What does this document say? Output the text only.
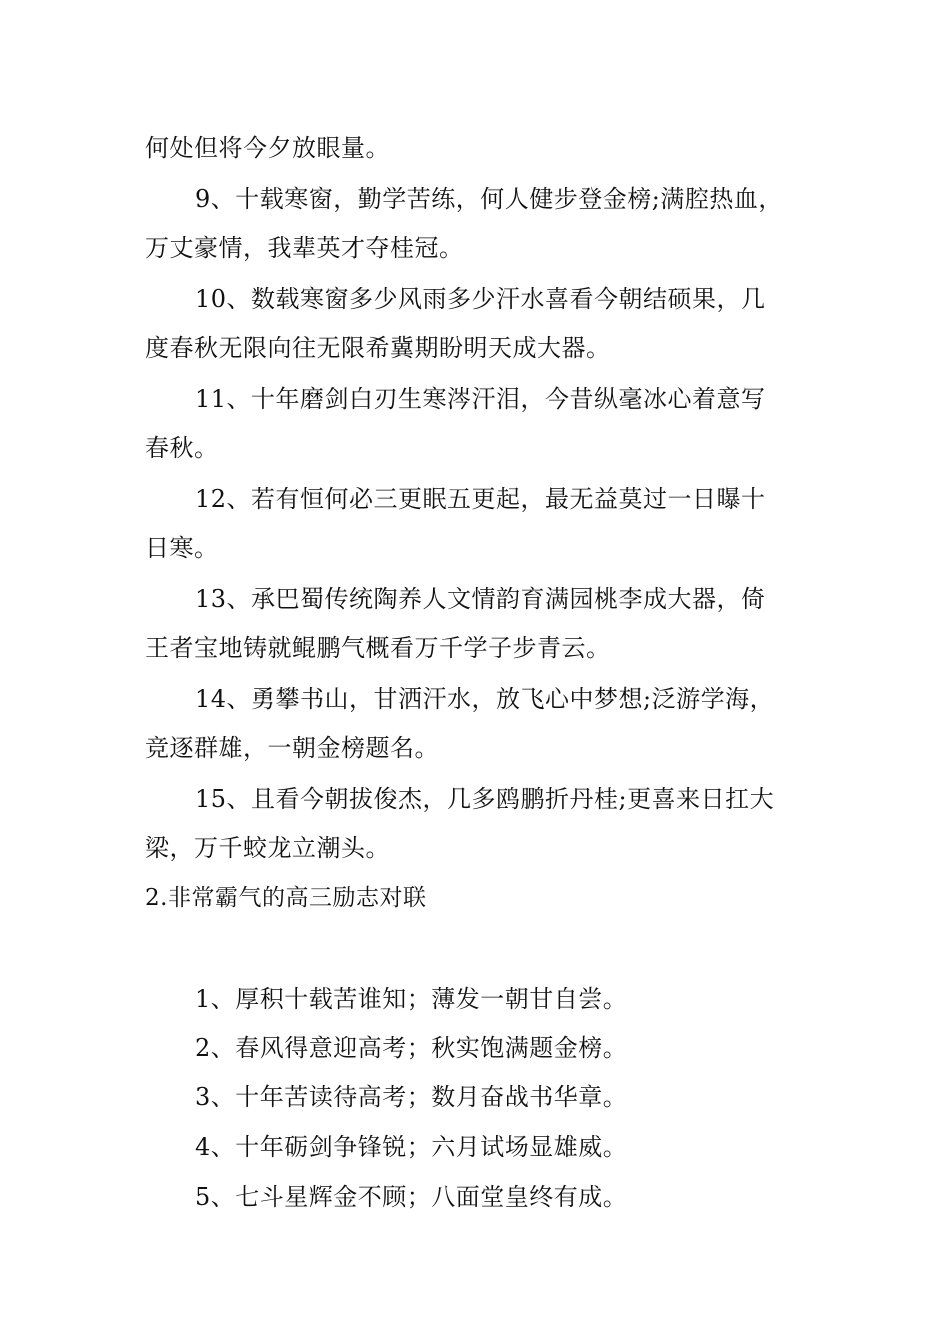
何处但将今夕放眼量。
9、十载寒窗，勤学苦练，何人健步登金榜;满腔热血，
万丈豪情，我辈英才夺桂冠。
10、数载寒窗多少风雨多少汗水喜看今朝结硕果，几
度春秋无限向往无限希冀期盼明天成大器。
11、十年磨剑白刃生寒涔汗泪，今昔纵毫冰心着意写
春秋。
12、若有恒何必三更眠五更起，最无益莫过一日曝十
日寒。
13、承巴蜀传统陶养人文情韵育满园桃李成大器，倚
王者宝地铸就鲲鹏气概看万千学子步青云。
14、勇攀书山，甘洒汗水，放飞心中梦想;泛游学海，
竞逐群雄，一朝金榜题名。
15、且看今朝拔俊杰，几多鸥鹏折丹桂;更喜来日扛大
梁，万千蛟龙立潮头。
2.非常霸气的高三励志对联
1、厚积十载苦谁知；薄发一朝甘自尝。
2、春风得意迎高考；秋实饱满题金榜。
3、十年苦读待高考；数月奋战书华章。
4、十年砺剑争锋锐；六月试场显雄威。
5、七斗星辉金不顾；八面堂皇终有成。
